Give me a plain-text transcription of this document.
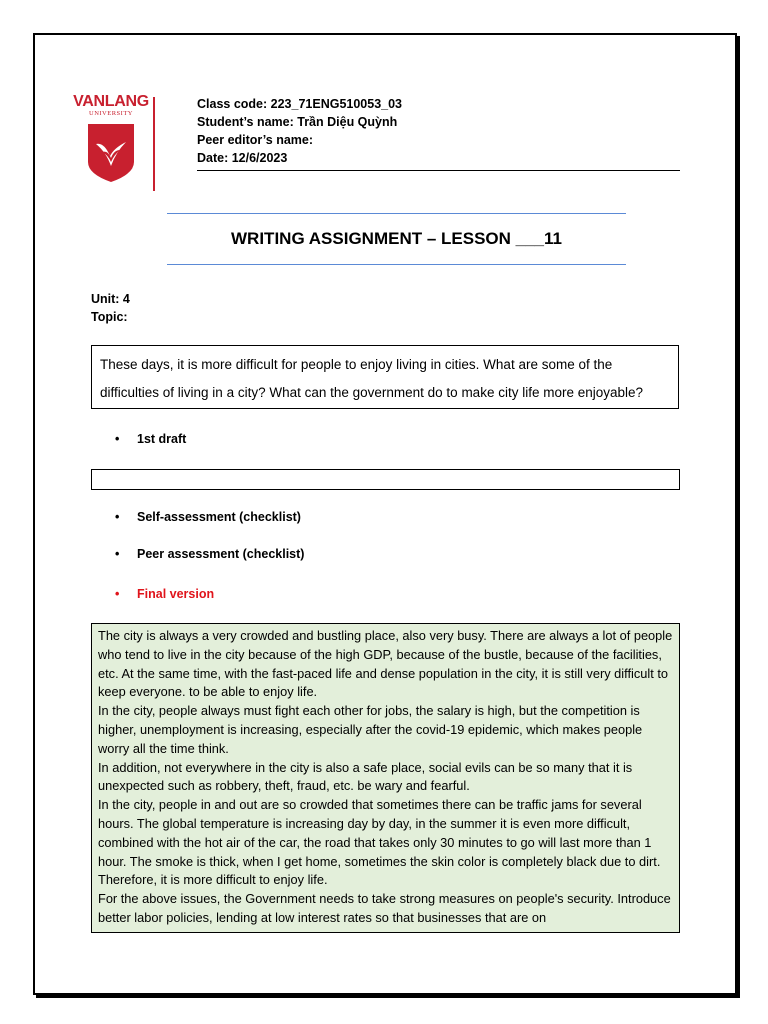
VANLANG
UNIVERSITY
Class code: 223_71ENG510053_03
Student’s name: Trần Diệu Quỳnh
Peer editor’s name:
Date: 12/6/2023
WRITING ASSIGNMENT – LESSON ___11
Unit: 4
Topic:
These days, it is more difficult for people to enjoy living in cities. What are some of the difficulties of living in a city? What can the government do to make city life more enjoyable?
• 1st draft
• Self-assessment (checklist)
• Peer assessment (checklist)
• Final version

The city is always a very crowded and bustling place, also very busy. There are always a lot of people who tend to live in the city because of the high GDP, because of the bustle, because of the facilities, etc. At the same time, with the fast-paced life and dense population in the city, it is still very difficult to keep everyone. to be able to enjoy life.

In the city, people always must fight each other for jobs, the salary is high, but the competition is higher, unemployment is increasing, especially after the covid-19 epidemic, which makes people worry all the time think.

In addition, not everywhere in the city is also a safe place, social evils can be so many that it is unexpected such as robbery, theft, fraud, etc. be wary and fearful.

In the city, people in and out are so crowded that sometimes there can be traffic jams for several hours. The global temperature is increasing day by day, in the summer it is even more difficult, combined with the hot air of the car, the road that takes only 30 minutes to go will last more than 1 hour. The smoke is thick, when I get home, sometimes the skin color is completely black due to dirt. Therefore, it is more difficult to enjoy life.

For the above issues, the Government needs to take strong measures on people's security. Introduce better labor policies, lending at low interest rates so that businesses that are on
